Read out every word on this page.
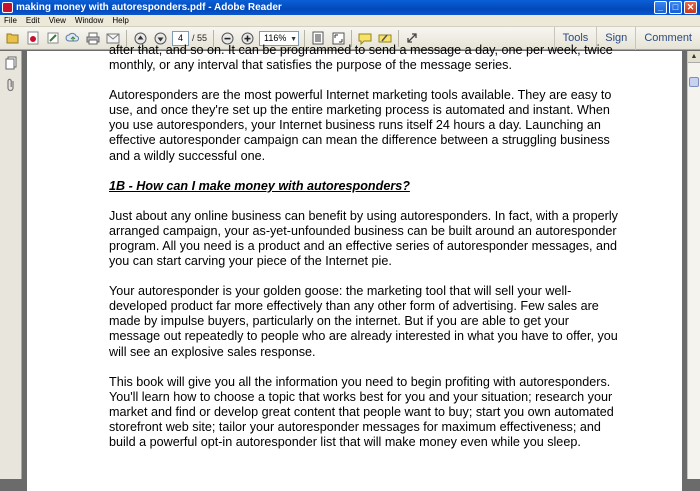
making money with autoresponders.pdf - Adobe Reader	_	□ ✕
File	Edit	View	Window	Help
4	/ 55	116% ▼	Tools	Sign	Comment

after that, and so on. It can be programmed to send a message a day, one per week, twice monthly, or any interval that satisfies the purpose of the message series.

Autoresponders are the most powerful Internet marketing tools available. They are easy to use, and once they're set up the entire marketing process is automated and instant. When you use autoresponders, your Internet business runs itself 24 hours a day. Launching an effective autoresponder campaign can mean the difference between a struggling business and a wildly successful one.

1B - How can I make money with autoresponders?

Just about any online business can benefit by using autoresponders. In fact, with a properly arranged campaign, your as-yet-unfounded business can be built around an autoresponder program. All you need is a product and an effective series of autoresponder messages, and you can start carving your piece of the Internet pie.

Your autoresponder is your golden goose: the marketing tool that will sell your well-developed product far more effectively than any other form of advertising. Few sales are made by impulse buyers, particularly on the internet. But if you are able to get your message out repeatedly to people who are already interested in what you have to offer, you will see an explosive sales response.

This book will give you all the information you need to begin profiting with autoresponders. You'll learn how to choose a topic that works best for you and your situation; research your market and find or develop great content that people want to buy; start you own automated storefront web site; tailor your autoresponder messages for maximum effectiveness; and build a powerful opt-in autoresponder list that will make money even while you sleep.

▲
